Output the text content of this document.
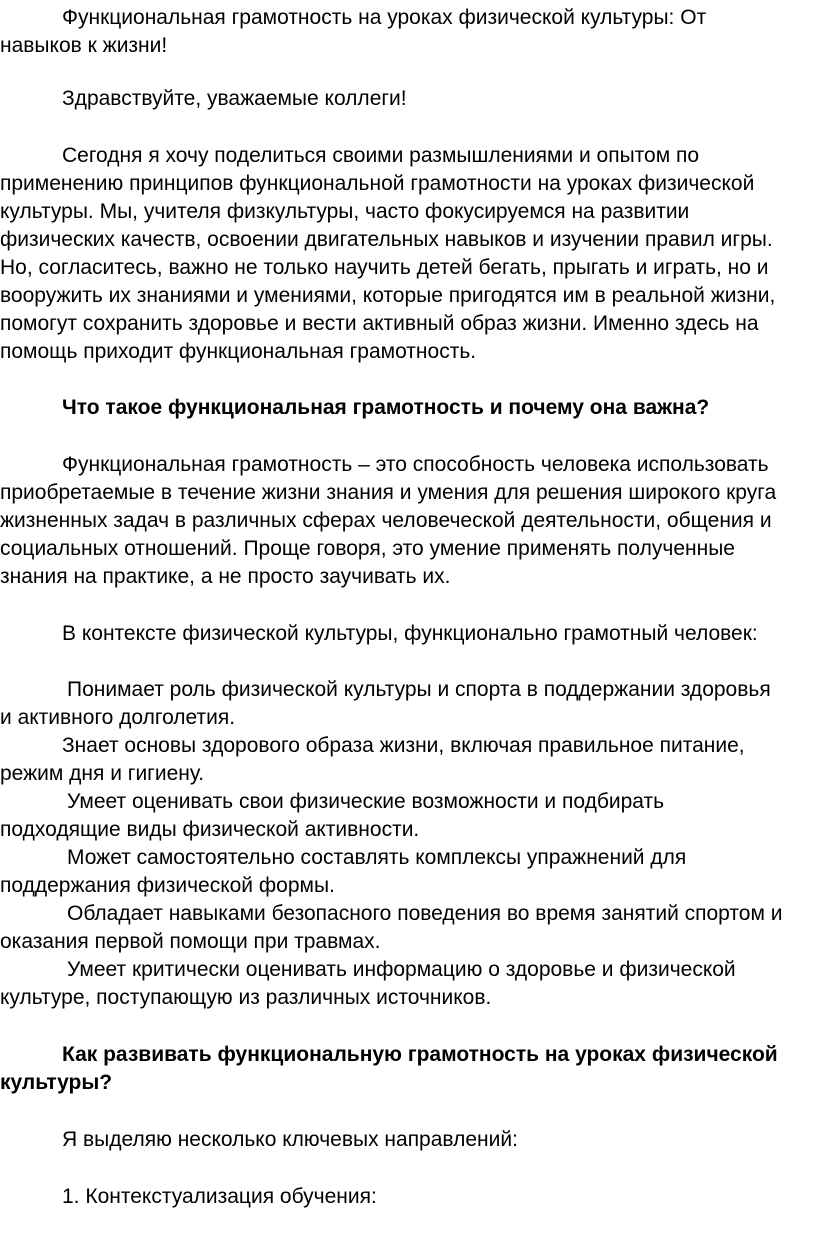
Функциональная грамотность на уроках физической культуры: От

навыков к жизни!

Здравствуйте, уважаемые коллеги!

Сегодня я хочу поделиться своими размышлениями и опытом по

применению принципов функциональной грамотности на уроках физической

культуры. Мы, учителя физкультуры, часто фокусируемся на развитии

физических качеств, освоении двигательных навыков и изучении правил игры.

Но, согласитесь, важно не только научить детей бегать, прыгать и играть, но и

вооружить их знаниями и умениями, которые пригодятся им в реальной жизни,

помогут сохранить здоровье и вести активный образ жизни. Именно здесь на

помощь приходит функциональная грамотность.

Что такое функциональная грамотность и почему она важна?

Функциональная грамотность – это способность человека использовать

приобретаемые в течение жизни знания и умения для решения широкого круга

жизненных задач в различных сферах человеческой деятельности, общения и

социальных отношений. Проще говоря, это умение применять полученные

знания на практике, а не просто заучивать их.

В контексте физической культуры, функционально грамотный человек:

Понимает роль физической культуры и спорта в поддержании здоровья

и активного долголетия.

Знает основы здорового образа жизни, включая правильное питание,

режим дня и гигиену.

Умеет оценивать свои физические возможности и подбирать

подходящие виды физической активности.

Может самостоятельно составлять комплексы упражнений для

поддержания физической формы.

Обладает навыками безопасного поведения во время занятий спортом и

оказания первой помощи при травмах.

Умеет критически оценивать информацию о здоровье и физической

культуре, поступающую из различных источников.

Как развивать функциональную грамотность на уроках физической

культуры?

Я выделяю несколько ключевых направлений:

1. Контекстуализация обучения:
